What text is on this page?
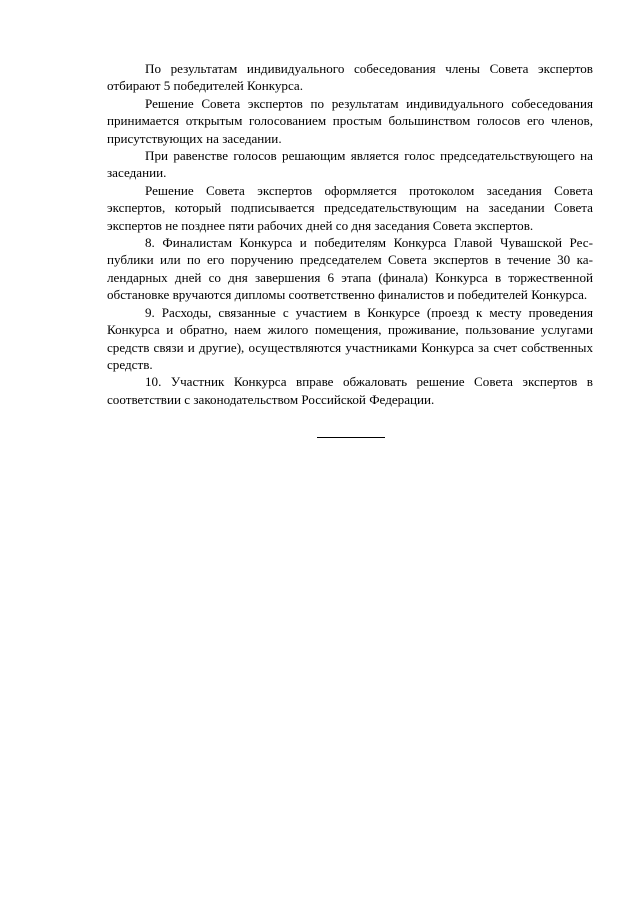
По результатам индивидуального собеседования члены Совета экспертов отбирают 5 победителей Конкурса.

Решение Совета экспертов по результатам индивидуального собеседования принимается открытым голосованием простым большинством голосов его членов, присутствующих на заседании.

При равенстве голосов решающим является голос председательствующего на заседании.

Решение Совета экспертов оформляется протоколом заседания Совета экспертов, который подписывается председательствующим на заседании Совета экспертов не позднее пяти рабочих дней со дня заседания Совета экспертов.

8. Финалистам Конкурса и победителям Конкурса Главой Чувашской Республики или по его поручению председателем Совета экспертов в течение 30 календарных дней со дня завершения 6 этапа (финала) Конкурса в торжественной обстановке вручаются дипломы соответственно финалистов и победителей Конкурса.

9. Расходы, связанные с участием в Конкурсе (проезд к месту проведения Конкурса и обратно, наем жилого помещения, проживание, пользование услугами средств связи и другие), осуществляются участниками Конкурса за счет собственных средств.

10. Участник Конкурса вправе обжаловать решение Совета экспертов в соответствии с законодательством Российской Федерации.
